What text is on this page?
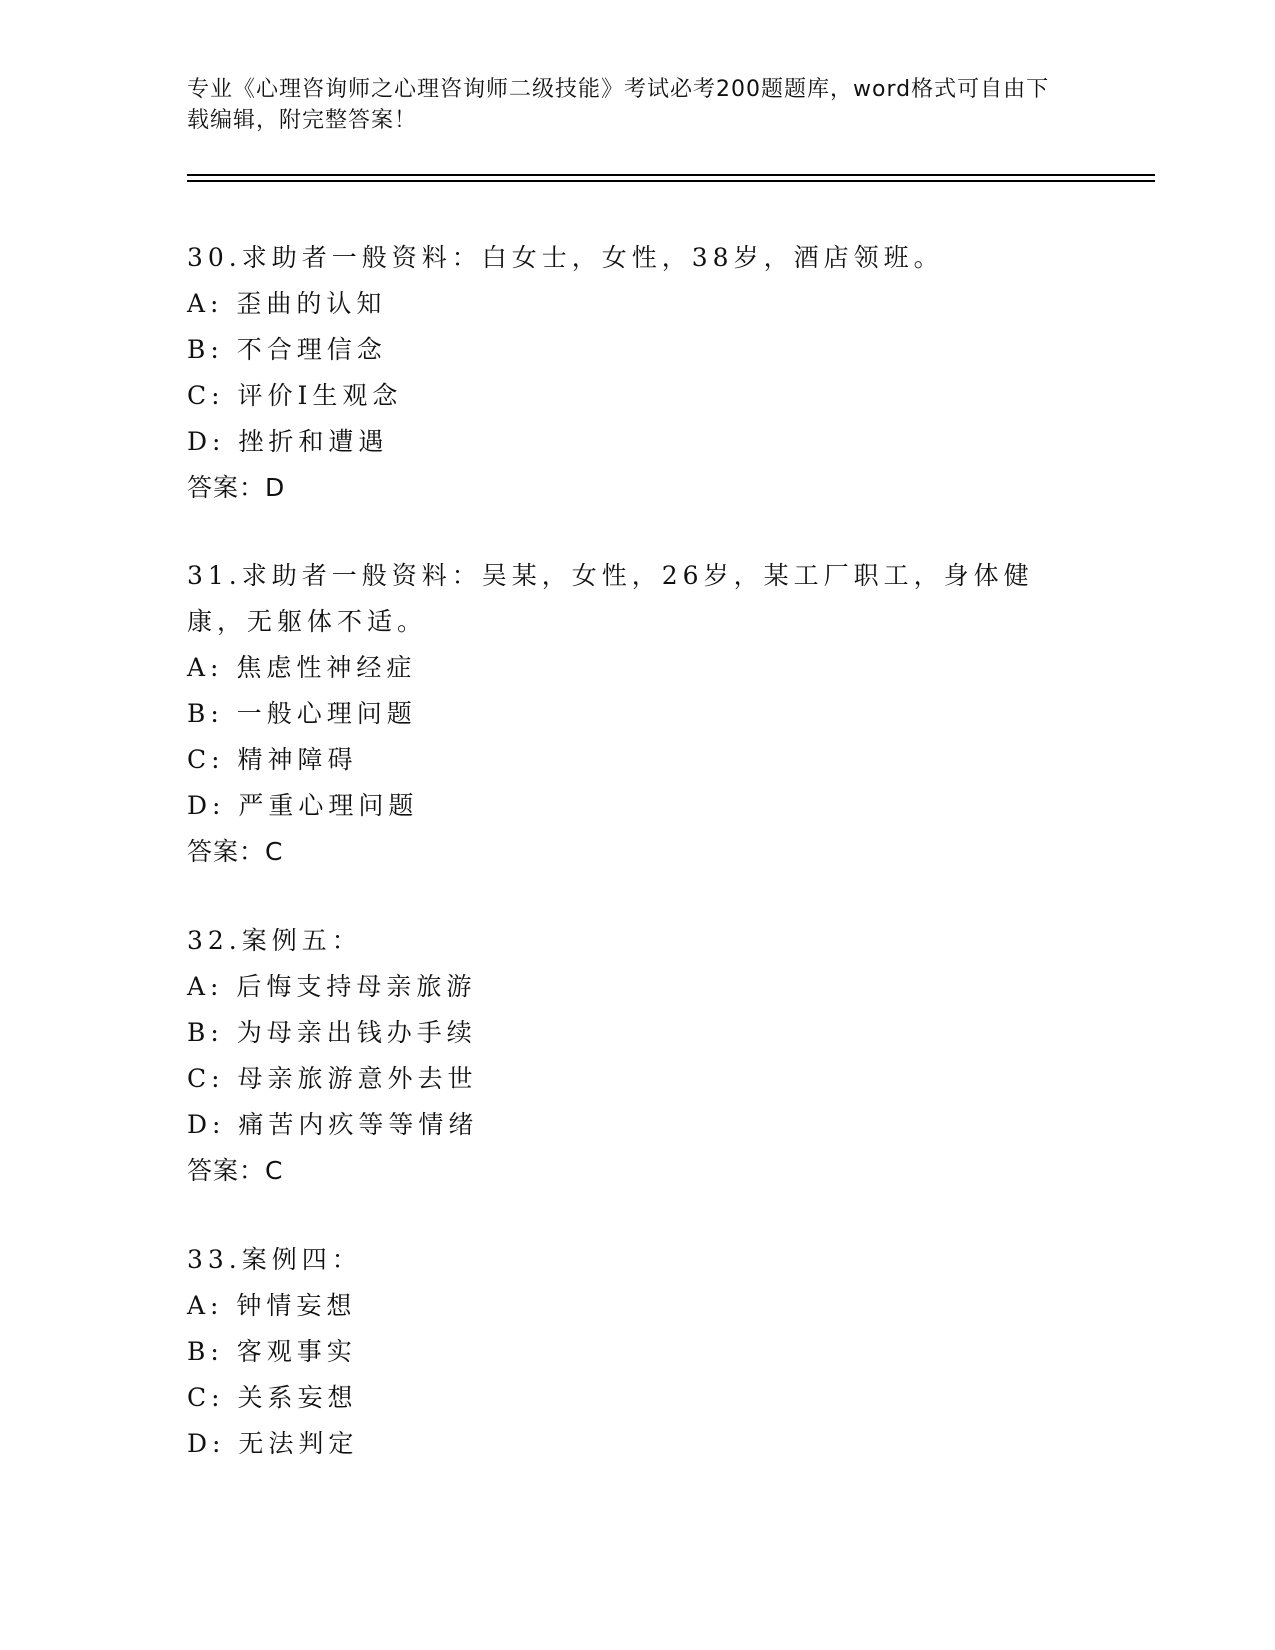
专业《心理咨询师之心理咨询师二级技能》考试必考200题题库，word格式可自由下载编辑，附完整答案！
30.求助者一般资料：白女士，女性，38岁，酒店领班。
A: 歪曲的认知
B: 不合理信念
C: 评价I生观念
D: 挫折和遭遇
答案：D
31.求助者一般资料：吴某，女性，26岁，某工厂职工，身体健康，无躯体不适。
A: 焦虑性神经症
B: 一般心理问题
C: 精神障碍
D: 严重心理问题
答案：C
32.案例五：
A: 后悔支持母亲旅游
B: 为母亲出钱办手续
C: 母亲旅游意外去世
D: 痛苦内疚等等情绪
答案：C
33.案例四：
A: 钟情妄想
B: 客观事实
C: 关系妄想
D: 无法判定
